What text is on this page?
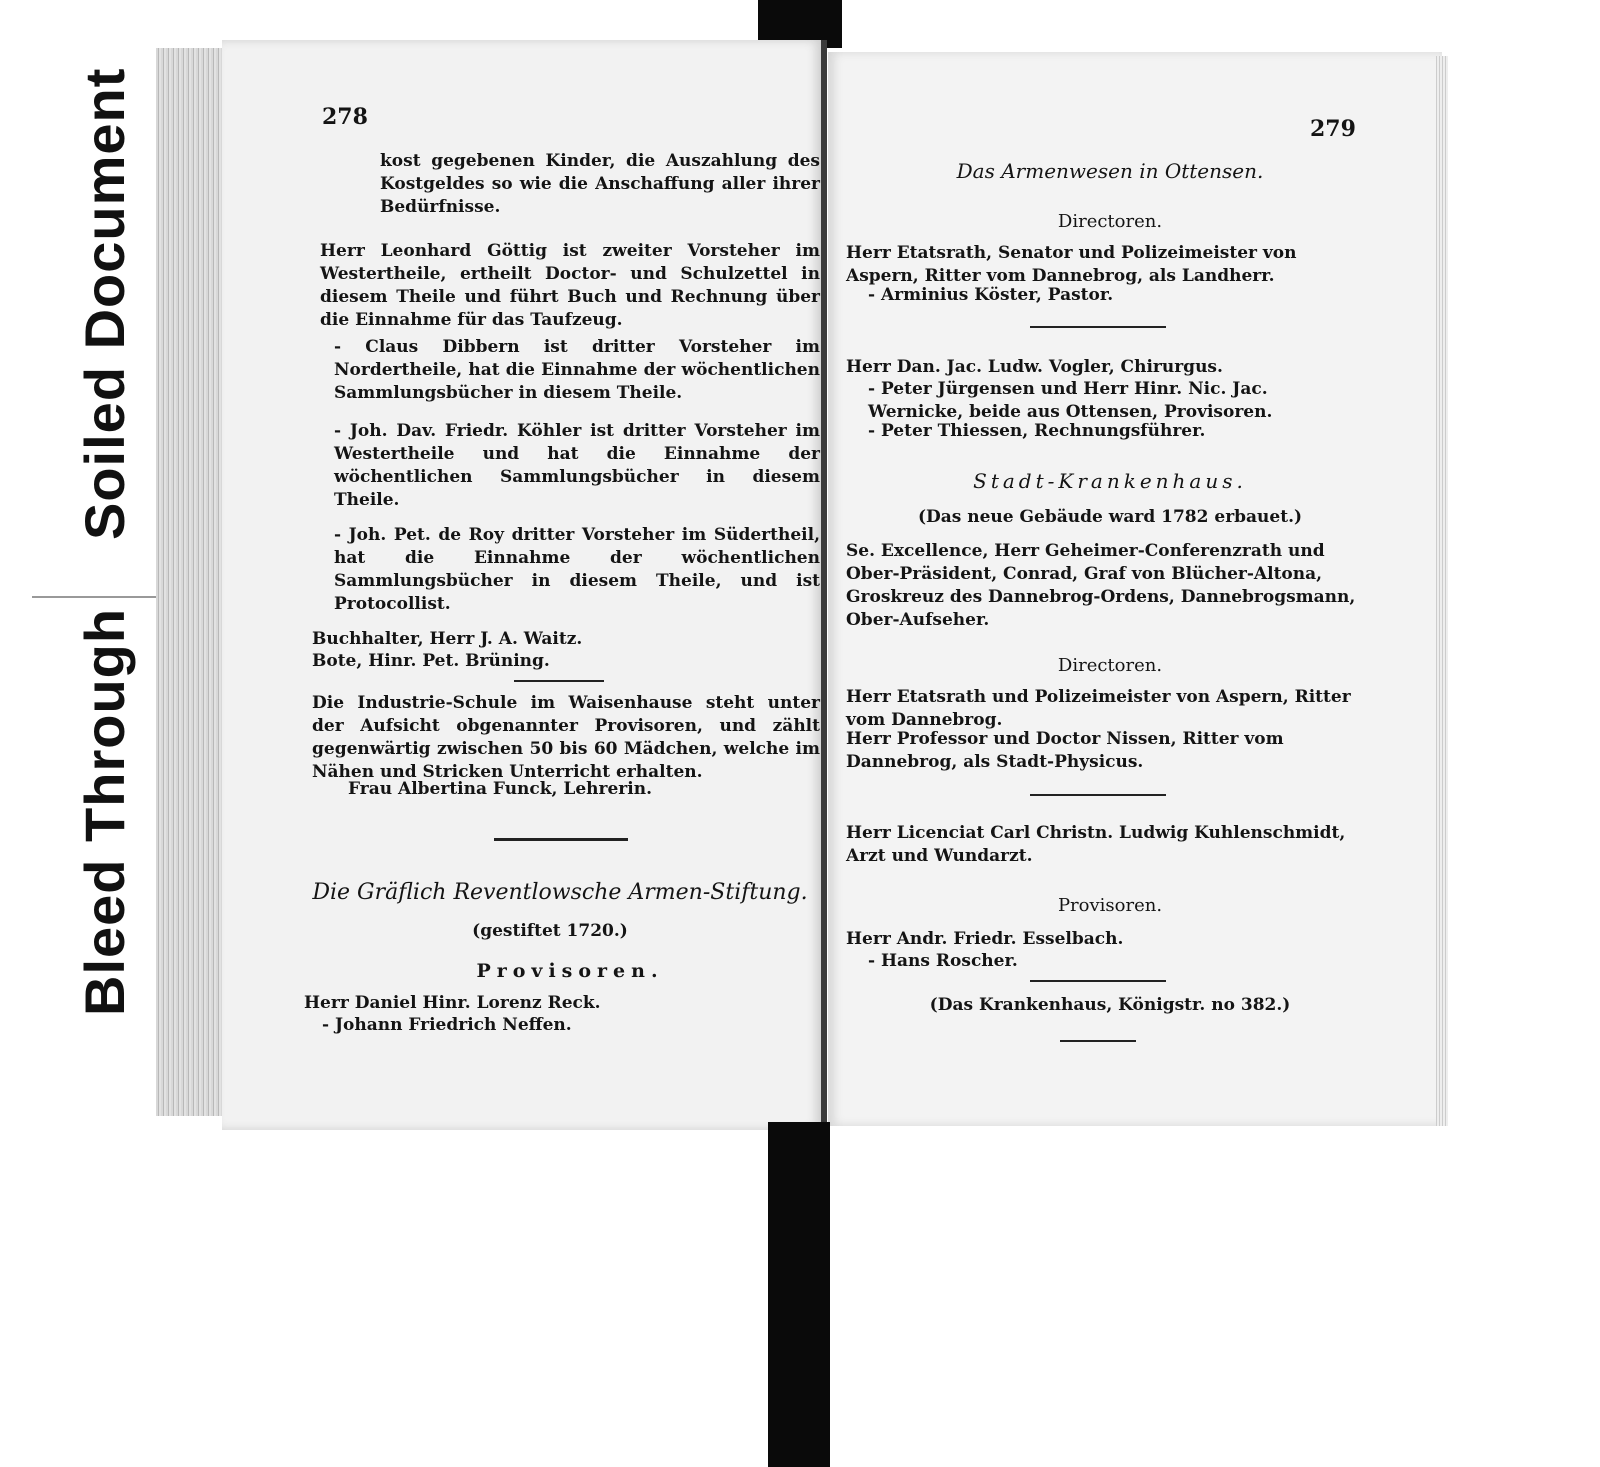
Soiled Document
Bleed Through
278
kost gegebenen Kinder, die Auszahlung des Kostgeldes so wie die Anschaffung aller ihrer Bedürfnisse.
Herr Leonhard Göttig ist zweiter Vorsteher im Westertheile, ertheilt Doctor- und Schulzettel in diesem Theile und führt Buch und Rechnung über die Einnahme für das Taufzeug.
- Claus Dibbern ist dritter Vorsteher im Nordertheile, hat die Einnahme der wöchentlichen Sammlungsbücher in diesem Theile.
- Joh. Dav. Friedr. Köhler ist dritter Vorsteher im Westertheile und hat die Einnahme der wöchentlichen Sammlungsbücher in diesem Theile.
- Joh. Pet. de Roy dritter Vorsteher im Südertheil, hat die Einnahme der wöchentlichen Sammlungsbücher in diesem Theile, und ist Protocollist.
Buchhalter, Herr J. A. Waitz.
Bote, Hinr. Pet. Brüning.
Die Industrie-Schule im Waisenhause steht unter der Aufsicht obgenannter Provisoren, und zählt gegenwärtig zwischen 50 bis 60 Mädchen, welche im Nähen und Stricken Unterricht erhalten.
Frau Albertina Funck, Lehrerin.
Die Gräflich Reventlowsche Armen-Stiftung.
(gestiftet 1720.)
Provisoren.
Herr Daniel Hinr. Lorenz Reck.
- Johann Friedrich Neffen.
279
Das Armenwesen in Ottensen.
Directoren.
Herr Etatsrath, Senator und Polizeimeister von Aspern, Ritter vom Dannebrog, als Landherr.
- Arminius Köster, Pastor.
Herr Dan. Jac. Ludw. Vogler, Chirurgus.
- Peter Jürgensen und Herr Hinr. Nic. Jac. Wernicke, beide aus Ottensen, Provisoren.
- Peter Thiessen, Rechnungsführer.
Stadt-Krankenhaus.
(Das neue Gebäude ward 1782 erbauet.)
Se. Excellence, Herr Geheimer-Conferenzrath und Ober-Präsident, Conrad, Graf von Blücher-Altona, Groskreuz des Dannebrog-Ordens, Dannebrogsmann, Ober-Aufseher.
Directoren.
Herr Etatsrath und Polizeimeister von Aspern, Ritter vom Dannebrog.
Herr Professor und Doctor Nissen, Ritter vom Dannebrog, als Stadt-Physicus.
Herr Licenciat Carl Christn. Ludwig Kuhlenschmidt, Arzt und Wundarzt.
Provisoren.
Herr Andr. Friedr. Esselbach.
- Hans Roscher.
(Das Krankenhaus, Königstr. no 382.)
